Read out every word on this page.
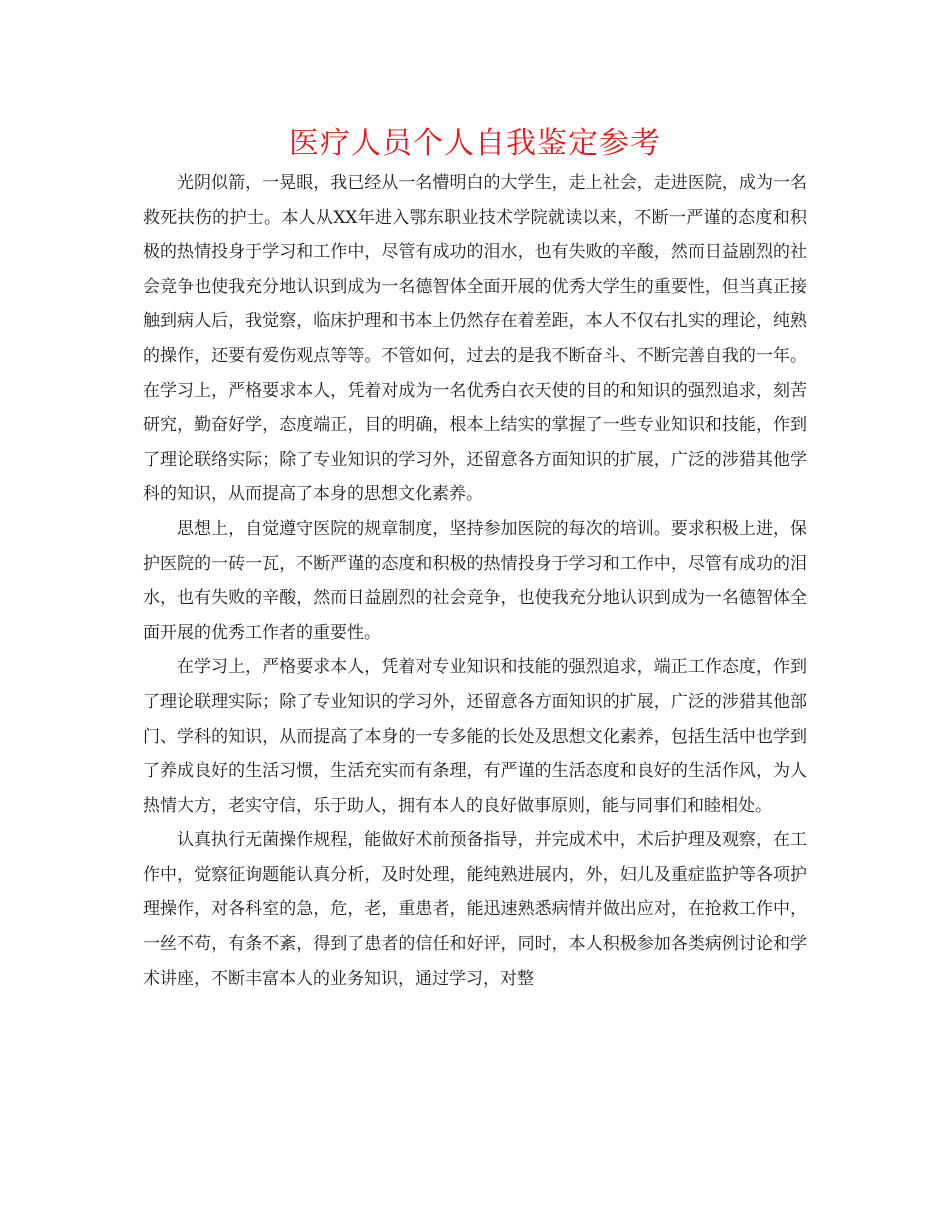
医疗人员个人自我鉴定参考

光阴似箭，一晃眼，我已经从一名懵明白的大学生，走上社会，走进医院，成为一名救死扶伤的护士。本人从XX年进入鄂东职业技术学院就读以来，不断一严谨的态度和积极的热情投身于学习和工作中，尽管有成功的泪水，也有失败的辛酸，然而日益剧烈的社会竞争也使我充分地认识到成为一名德智体全面开展的优秀大学生的重要性，但当真正接触到病人后，我觉察，临床护理和书本上仍然存在着差距，本人不仅右扎实的理论，纯熟的操作，还要有爱伤观点等等。不管如何，过去的是我不断奋斗、不断完善自我的一年。在学习上，严格要求本人，凭着对成为一名优秀白衣天使的目的和知识的强烈追求，刻苦研究，勤奋好学，态度端正，目的明确，根本上结实的掌握了一些专业知识和技能，作到了理论联络实际；除了专业知识的学习外，还留意各方面知识的扩展，广泛的涉猎其他学科的知识，从而提高了本身的思想文化素养。

思想上，自觉遵守医院的规章制度，坚持参加医院的每次的培训。要求积极上进，保护医院的一砖一瓦，不断严谨的态度和积极的热情投身于学习和工作中，尽管有成功的泪水，也有失败的辛酸，然而日益剧烈的社会竞争，也使我充分地认识到成为一名德智体全面开展的优秀工作者的重要性。

在学习上，严格要求本人，凭着对专业知识和技能的强烈追求，端正工作态度，作到了理论联理实际；除了专业知识的学习外，还留意各方面知识的扩展，广泛的涉猎其他部门、学科的知识，从而提高了本身的一专多能的长处及思想文化素养，包括生活中也学到了养成良好的生活习惯，生活充实而有条理，有严谨的生活态度和良好的生活作风，为人热情大方，老实守信，乐于助人，拥有本人的良好做事原则，能与同事们和睦相处。

认真执行无菌操作规程，能做好术前预备指导，并完成术中，术后护理及观察，在工作中，觉察征询题能认真分析，及时处理，能纯熟进展内，外，妇儿及重症监护等各项护理操作，对各科室的急，危，老，重患者，能迅速熟悉病情并做出应对，在抢救工作中，一丝不苟，有条不紊，得到了患者的信任和好评，同时，本人积极参加各类病例讨论和学术讲座，不断丰富本人的业务知识，通过学习，对整
